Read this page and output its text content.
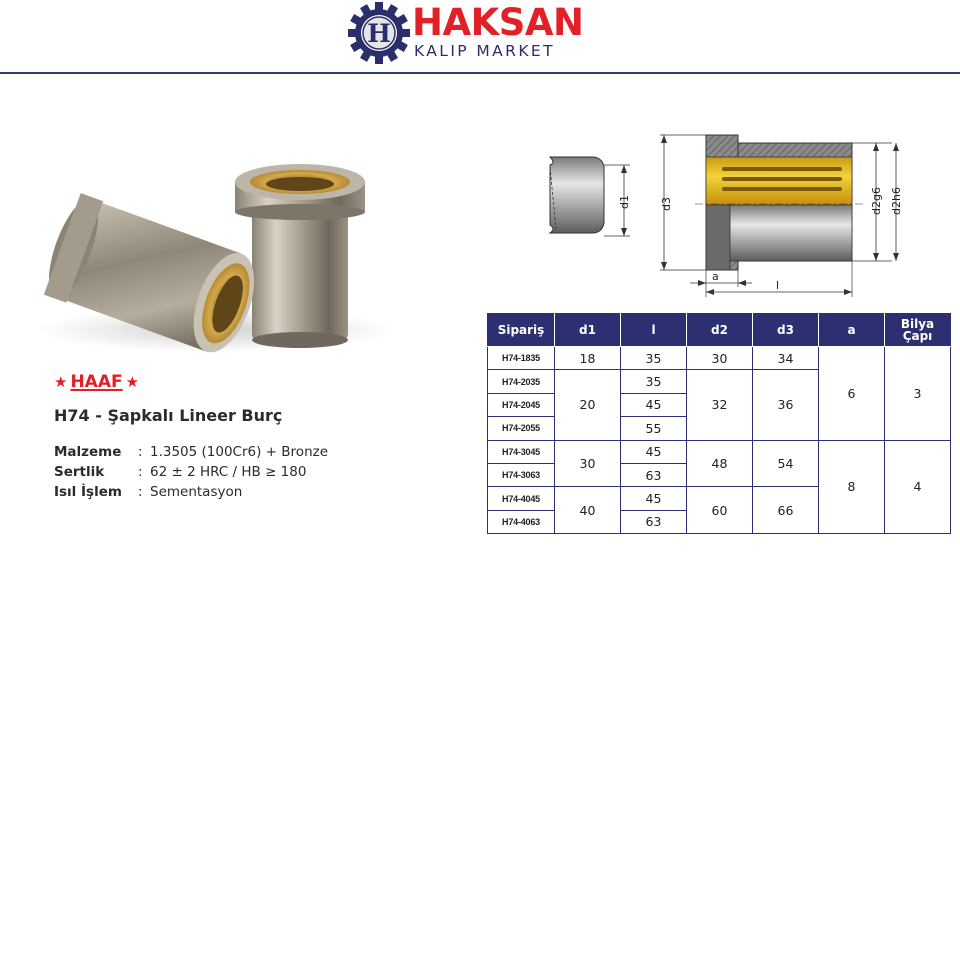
H HAKSAN
KALIP MARKET
★ HAAF ★
H74 - Şapkalı Lineer Burç
Malzeme	: 1.3505 (100Cr6) + Bronze
Sertlik	: 62 ± 2 HRC / HB ≥ 180
Isıl İşlem	: Sementasyon
d1	d3	d2g6 d2h6
a
l
Sipariş	d1	l	d2	d3	a	Bilya Çapı
H74-1835	18	35	30	34	6	3
H74-2035	20	35	32	36		
H74-2045		45				
H74-2055		55				
H74-3045	30	45	48	54	8	4
H74-3063		63				
H74-4045	40	45	60	66		
H74-4063		63				
